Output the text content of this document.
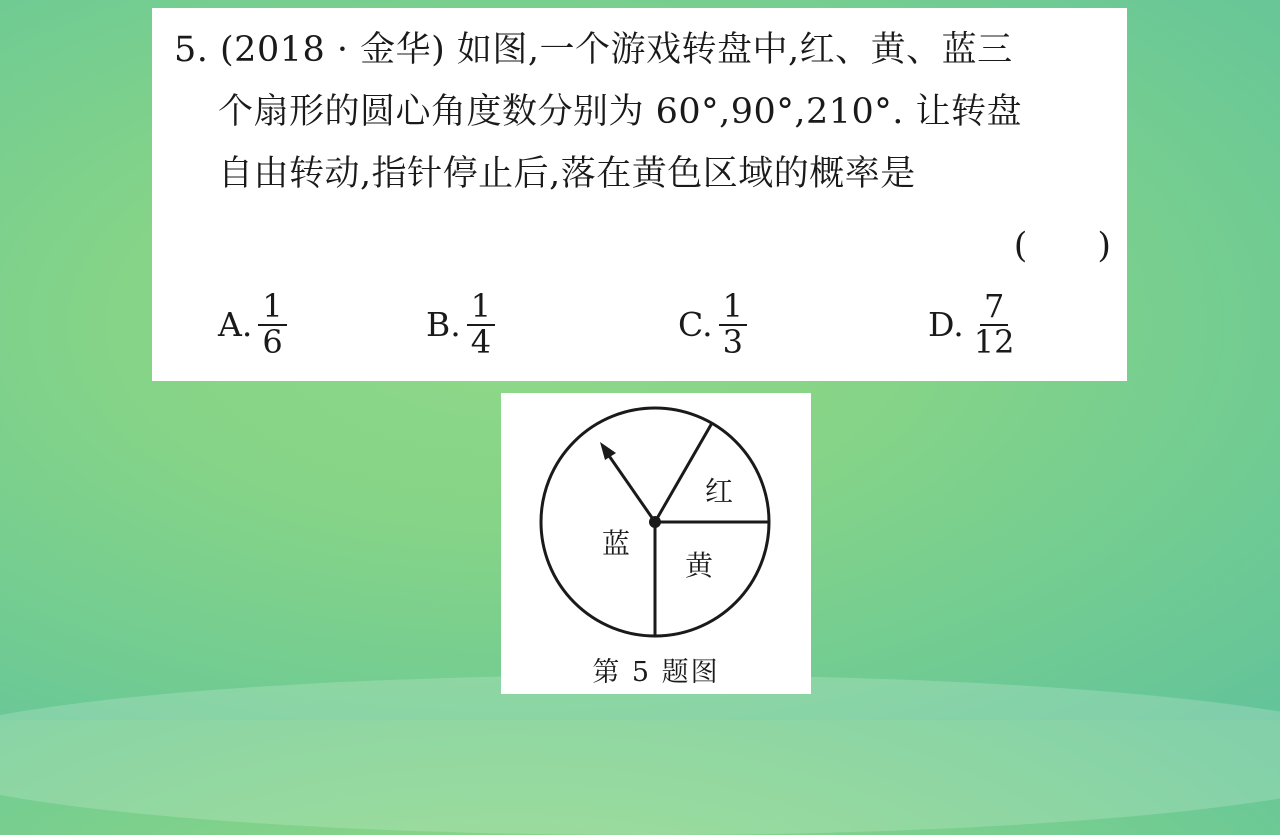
5. (2018 · 金华) 如图,一个游戏转盘中,红、黄、蓝三
个扇形的圆心角度数分别为 60°,90°,210°. 让转盘
自由转动,指针停止后,落在黄色区域的概率是
(　　)
A. $\frac{1}{6}$	B. $\frac{1}{4}$	C. $\frac{1}{3}$	D. $\frac{7}{12}$
红
黄
蓝
第 5 题图
